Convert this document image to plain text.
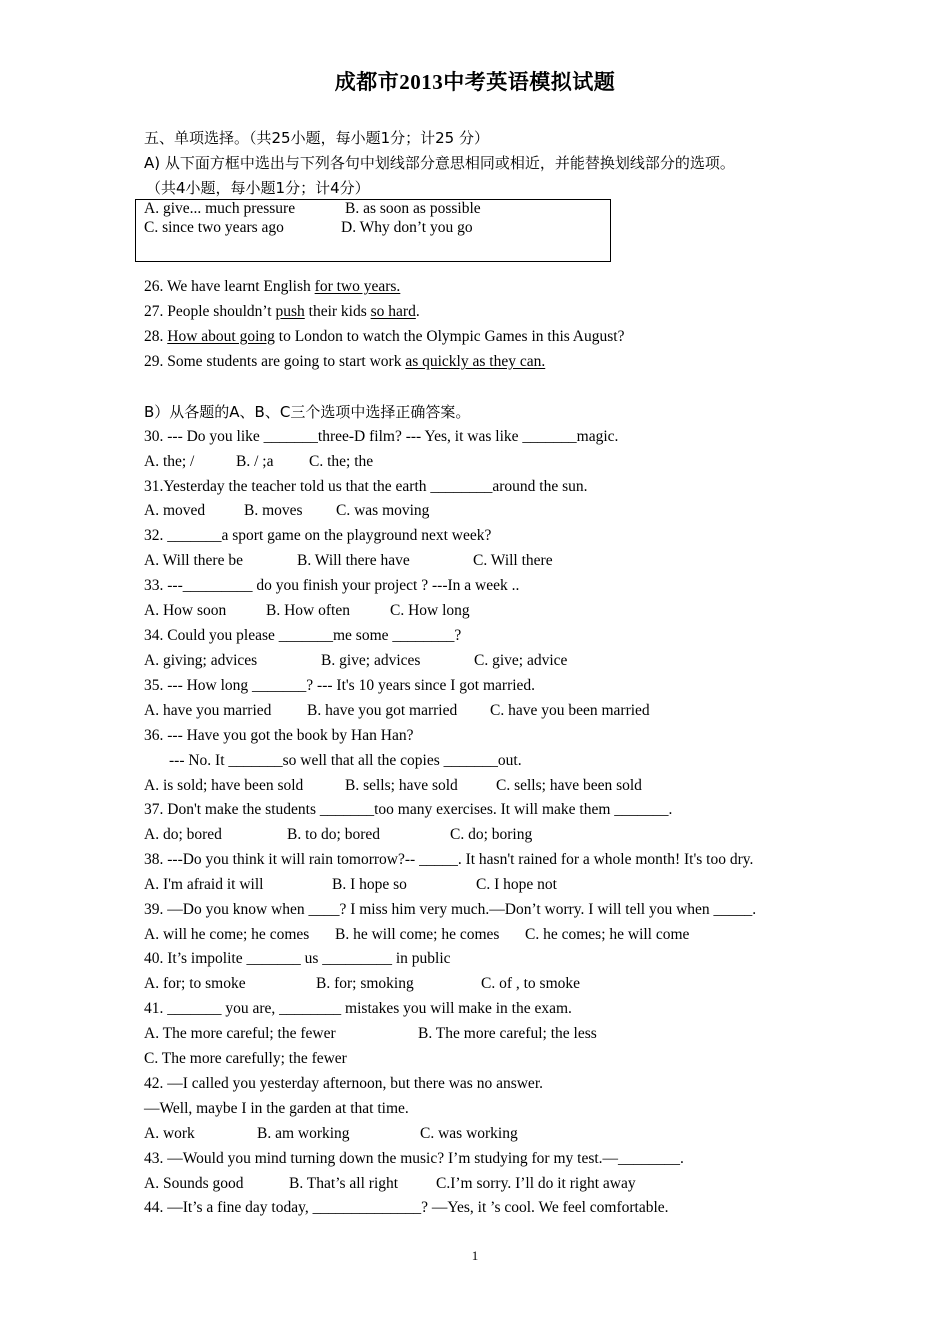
成都市2013中考英语模拟试题
五、单项选择。（共25小题，每小题1分；计25 分）
A) 从下面方框中选出与下列各句中划线部分意思相同或相近，并能替换划线部分的选项。
（共4小题，每小题1分；计4分）
A. give... much pressure	B. as soon as possible
C. since two years ago	D. Why don’t you go
26. We have learnt English for two years.
27. People shouldn’t push their kids so hard.
28. How about going to London to watch the Olympic Games in this August?
29. Some students are going to start work as quickly as they can.
B）从各题的A、B、C三个选项中选择正确答案。
30. --- Do you like _______three-D film? --- Yes, it was like _______magic.
A. the; /	B. / ;a C. the; the
31.Yesterday the teacher told us that the earth ________around the sun.
A. moved	B. moves C. was moving
32. _______a sport game on the playground next week?
A. Will there be	B. Will there have	C. Will there
33. ---_________ do you finish your project ? ---In a week ..
A. How soon	B. How often	C. How long
34. Could you please _______me some ________?
A. giving; advices	B. give; advices	C. give; advice
35. --- How long _______? --- It's 10 years since I got married.
A. have you married B. have you got married C. have you been married
36. --- Have you got the book by Han Han?
--- No. It _______so well that all the copies _______out.
A. is sold; have been sold	B. sells; have sold C. sells; have been sold
37. Don't make the students _______too many exercises. It will make them _______.
A. do; bored	B. to do; bored	C. do; boring
38. ---Do you think it will rain tomorrow?-- _____. It hasn't rained for a whole month! It's too dry.
A. I'm afraid it will	B. I hope so	C. I hope not
39. —Do you know when ____? I miss him very much.—Don’t worry. I will tell you when _____.
A. will he come; he comes B. he will come; he comes C. he comes; he will come
40. It’s impolite _______ us _________ in public
A. for; to smoke	B. for; smoking	C. of , to smoke
41. _______ you are, ________ mistakes you will make in the exam.
A. The more careful; the fewer	B. The more careful; the less
C. The more carefully; the fewer
42. —I called you yesterday afternoon, but there was no answer.
—Well, maybe I in the garden at that time.
A. work	B. am working	C. was working
43. —Would you mind turning down the music? I’m studying for my test.—________.
A. Sounds good	B. That’s all right C.I’m sorry. I’ll do it right away
44. —It’s a fine day today, ______________? —Yes, it ’s cool. We feel comfortable.
1
